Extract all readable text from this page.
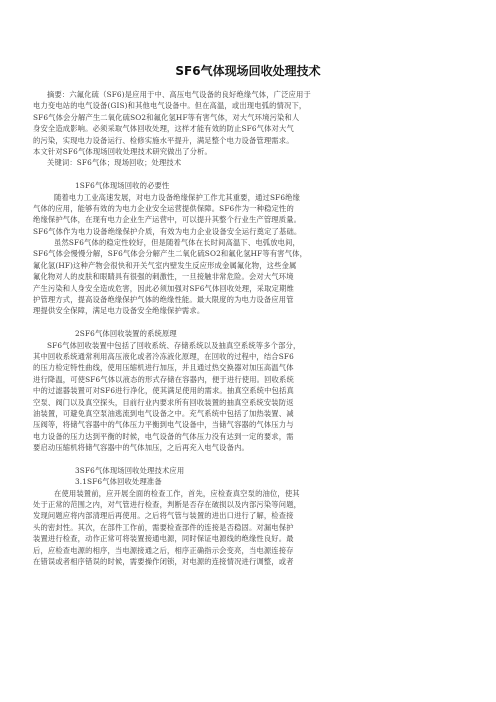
SF6气体现场回收处理技术
摘要：六氟化硫（SF6)是应用于中、高压电气设备的良好绝缘气体，广泛应用于
电力变电站的电气设备(GIS)和其他电气设备中。但在高温，或出现电弧的情况下，
SF6气体会分解产生二氧化硫SO2和氟化氢HF等有害气体，对大气环境污染和人
身安全造成影响。必须采取气体回收处理，这样才能有效的防止SF6气体对大气
的污染，实现电力设备运行、检修实施水平提升，满足整个电力设备管理需求。
本文针对SF6气体现场回收处理技术研究做出了分析。
关键词：SF6气体；现场回收；处理技术
1SF6气体现场回收的必要性
随着电力工业高速发展，对电力设备绝缘保护工作尤其重要，通过SF6绝缘
气体的应用，能够有效的为电力企业安全运营提供保障。SF6作为一种稳定性的
绝缘保护气体，在现有电力企业生产运营中，可以提升其整个行业生产管理质量。
SF6气体作为电力设备绝缘保护介质，有效为电力企业设备安全运行奠定了基础。
虽然SF6气体的稳定性较好，但是随着气体在长时间高温下、电弧放电间，
SF6气体会慢慢分解，SF6气体会分解产生二氧化硫SO2和氟化氢HF等有害气体，
氟化氢(HF)这种产物会很快和开关气室内壁发生反应形成金属氟化物，这些金属
氟化物对人的皮肤和眼睛具有很强的刺激性，一旦接触非常危险。会对大气环境
产生污染和人身安全造成危害，因此必须加强对SF6气体回收处理，采取定期维
护管理方式，提高设备绝缘保护气体的绝缘性能。最大限度的为电力设备应用管
理提供安全保障，满足电力设备安全绝缘保护需求。
2SF6气体回收装置的系统原理
SF6气体回收装置中包括了回收系统、存储系统以及抽真空系统等多个部分，
其中回收系统通常利用高压液化或者冷冻液化原理，在回收的过程中，结合SF6
的压力检定特性曲线，使用压缩机进行加压，并且通过热交换器对加压高温气体
进行降温，可使SF6气体以液态的形式存储在容器内，便于进行使用。回收系统
中的过滤器装置可对SF6进行净化，使其满足使用的需求。抽真空系统中包括真
空泵、阀门以及真空探头，目前行业内要求所有回收装置的抽真空系统安装防返
油装置，可避免真空泵油逃流到电气设备之中。充气系统中包括了加热装置、减
压阀等，将储气容器中的气体压力平衡到电气设备中，当储气容器的气体压力与
电力设备的压力达到平衡的时候，电气设备的气体压力没有达到一定的要求，需
要启动压缩机将储气容器中的气体加压，之后再充入电气设备内。
3SF6气体现场回收处理技术应用
3.1SF6气体回收处理准备
在使用装置前，应开展全面的检查工作，首先，应检查真空泵的油位，使其
处于正常的范围之内，对气管进行检查，判断是否存在破损以及内部污染等问题，
发现问题应将内部清理后再使用。之后将气管与装置的进出口进行了解，检查接
头的密封性。其次，在部件工作前，需要检查部件的连接是否稳固。对漏电保护
装置进行检查，动作正常可将装置接通电源，同时保证电源线的绝缘性良好。最
后，应检查电源的相序，当电源接通之后，相序正确指示会变亮，当电源连接存
在错误或者相序错误的时候，需要操作闭锁，对电源的连接情况进行调整，或者
